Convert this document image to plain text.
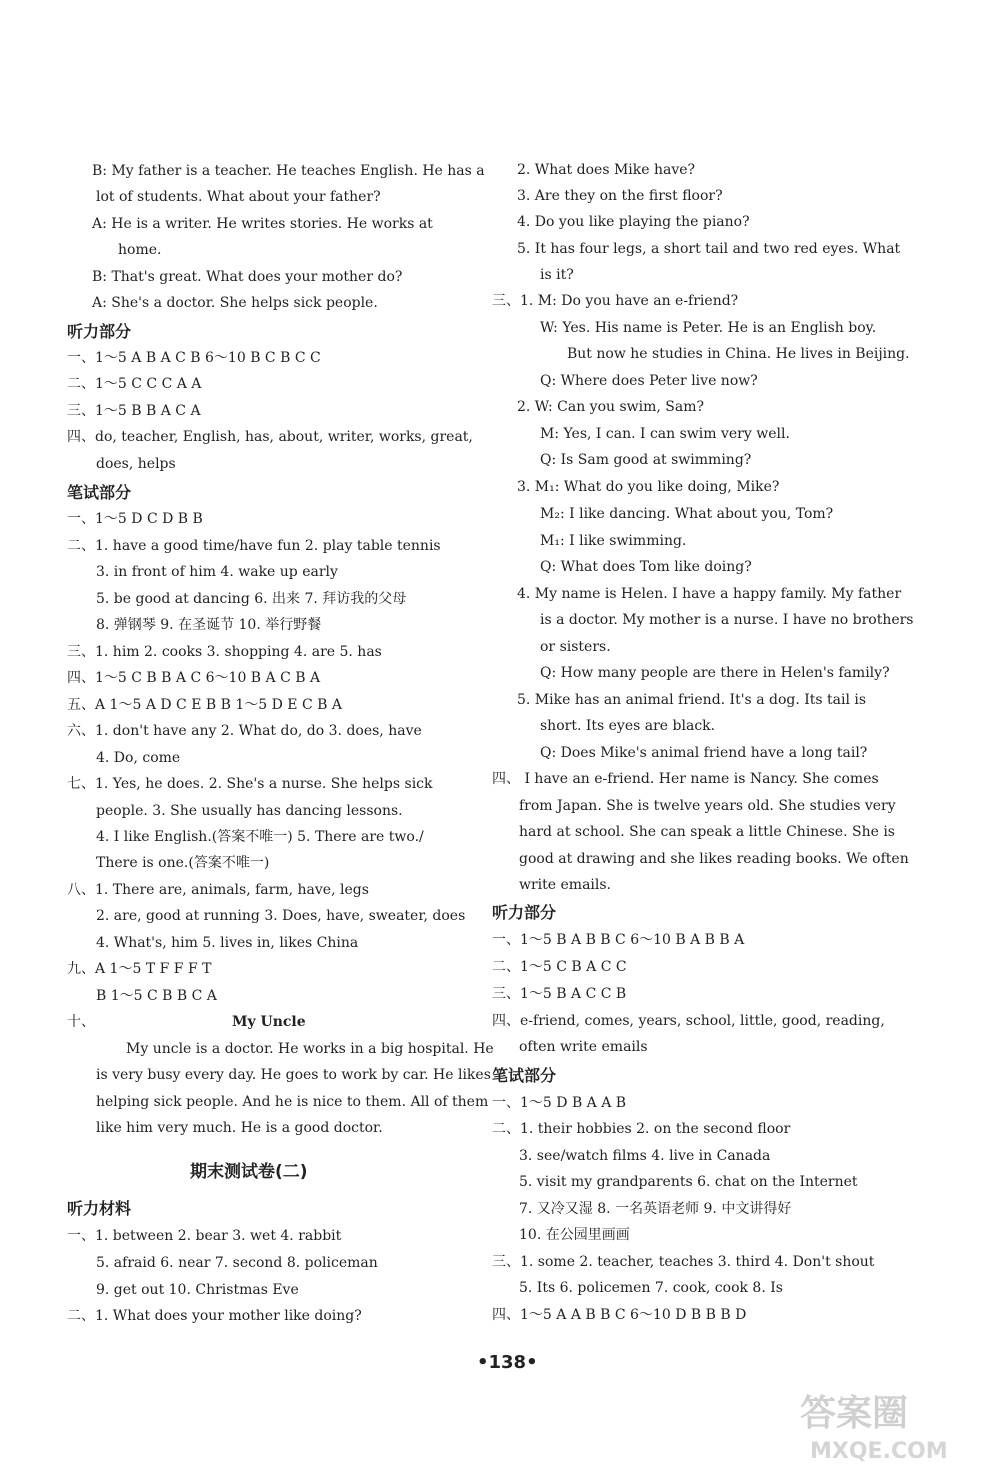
B: My father is a teacher. He teaches English. He has a
lot of students. What about your father?
A: He is a writer. He writes stories. He works at
home.
B: That's great. What does your mother do?
A: She's a doctor. She helps sick people.
听力部分
一、1～5 A B A C B 6～10 B C B C C
二、1～5 C C C A A
三、1～5 B B A C A
四、do, teacher, English, has, about, writer, works, great,
does, helps
笔试部分
一、1～5 D C D B B
二、1. have a good time/have fun 2. play table tennis
3. in front of him 4. wake up early
5. be good at dancing 6. 出来 7. 拜访我的父母
8. 弹钢琴 9. 在圣诞节 10. 举行野餐
三、1. him 2. cooks 3. shopping 4. are 5. has
四、1～5 C B B A C 6～10 B A C B A
五、A 1～5 A D C E B B 1～5 D E C B A
六、1. don't have any 2. What do, do 3. does, have
4. Do, come
七、1. Yes, he does. 2. She's a nurse. She helps sick
people. 3. She usually has dancing lessons.
4. I like English.(答案不唯一) 5. There are two./
There is one.(答案不唯一)
八、1. There are, animals, farm, have, legs
2. are, good at running 3. Does, have, sweater, does
4. What's, him 5. lives in, likes China
九、A 1～5 T F F F T
B 1～5 C B B C A
十、	My Uncle
My uncle is a doctor. He works in a big hospital. He
is very busy every day. He goes to work by car. He likes
helping sick people. And he is nice to them. All of them
like him very much. He is a good doctor.
听力材料
一、1. between 2. bear 3. wet 4. rabbit
5. afraid 6. near 7. second 8. policeman
9. get out 10. Christmas Eve
二、1. What does your mother like doing?
2. What does Mike have?
3. Are they on the first floor?
4. Do you like playing the piano?
5. It has four legs, a short tail and two red eyes. What
is it?
三、1. M: Do you have an e-friend?
W: Yes. His name is Peter. He is an English boy.
But now he studies in China. He lives in Beijing.
Q: Where does Peter live now?
2. W: Can you swim, Sam?
M: Yes, I can. I can swim very well.
Q: Is Sam good at swimming?
3. M₁: What do you like doing, Mike?
M₂: I like dancing. What about you, Tom?
M₁: I like swimming.
Q: What does Tom like doing?
4. My name is Helen. I have a happy family. My father
is a doctor. My mother is a nurse. I have no brothers
or sisters.
Q: How many people are there in Helen's family?
5. Mike has an animal friend. It's a dog. Its tail is
short. Its eyes are black.
Q: Does Mike's animal friend have a long tail?
四、 I have an e-friend. Her name is Nancy. She comes
from Japan. She is twelve years old. She studies very
hard at school. She can speak a little Chinese. She is
good at drawing and she likes reading books. We often
write emails.
听力部分
一、1～5 B A B B C 6～10 B A B B A
二、1～5 C B A C C
三、1～5 B A C C B
四、e-friend, comes, years, school, little, good, reading,
often write emails
笔试部分
一、1～5 D B A A B
二、1. their hobbies 2. on the second floor
3. see/watch films 4. live in Canada
5. visit my grandparents 6. chat on the Internet
7. 又冷又湿 8. 一名英语老师 9. 中文讲得好
10. 在公园里画画
三、1. some 2. teacher, teaches 3. third 4. Don't shout
5. Its 6. policemen 7. cook, cook 8. Is
四、1～5 A A B B C 6～10 D B B B D
期末测试卷(二)
•138•
答案圈
MXQE.COM
